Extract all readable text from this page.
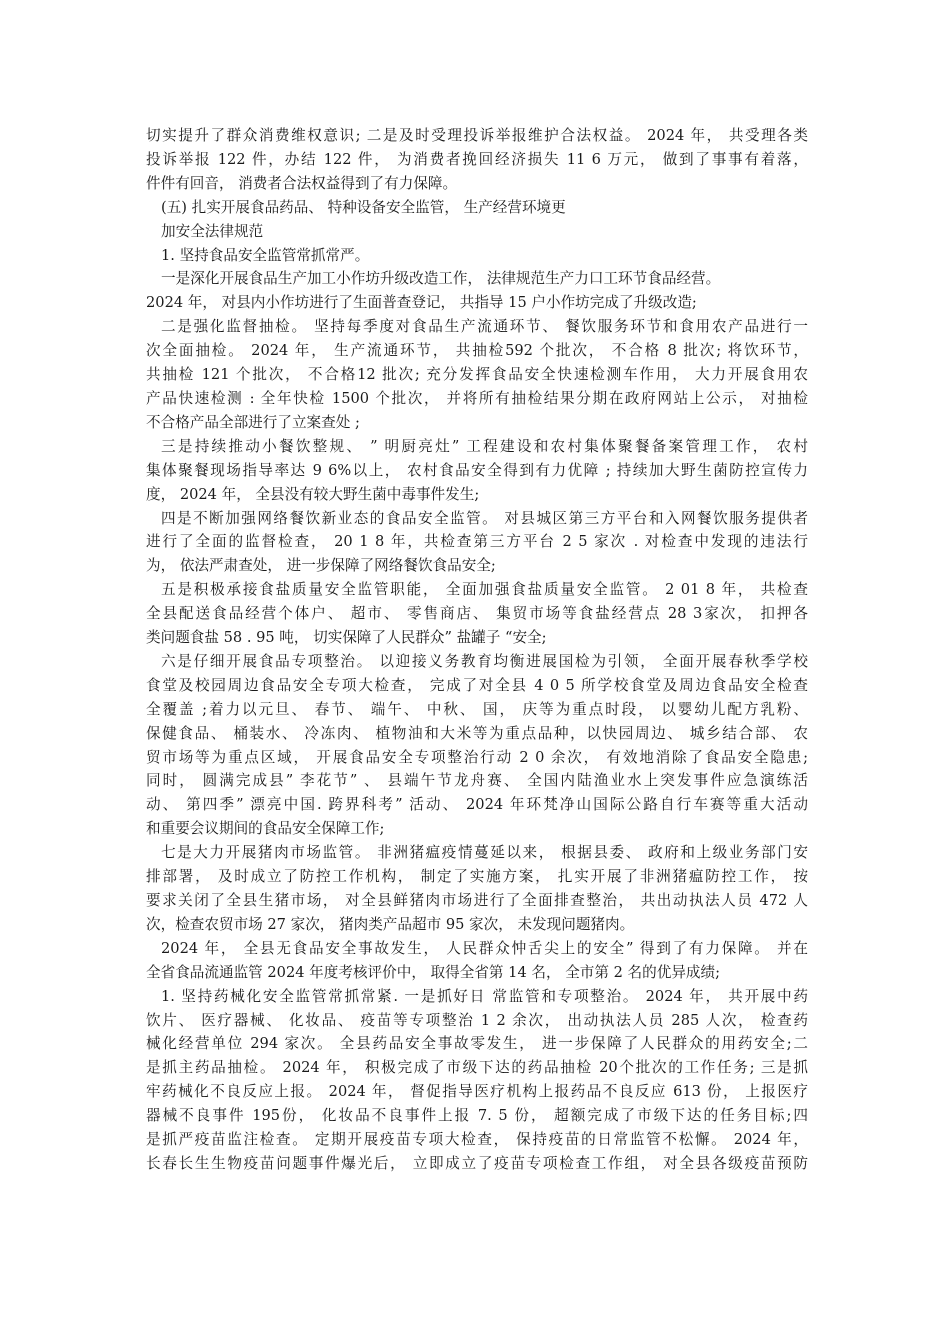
切实提升了群众消费维权意识; 二是及时受理投诉举报维护合法权益。 2024 年， 共受理各类
投诉举报 122 件，办结 122 件， 为消费者挽回经济损失 11 6 万元， 做到了事事有着落，
件件有回音， 消费者合法权益得到了有力保障。
(五) 扎实开展食品药品、 特种设备安全监管， 生产经营环境更
加安全法律规范
1. 坚持食品安全监管常抓常严。
一是深化开展食品生产加工小作坊升级改造工作， 法律规范生产力口工环节食品经营。
2024 年， 对县内小作坊进行了生面普查登记， 共指导 15 户小作坊完成了升级改造;
二是强化监督抽检。 坚持每季度对食品生产流通环节、 餐饮服务环节和食用农产品进行一
次全面抽检。 2024 年， 生产流通环节， 共抽检592 个批次， 不合格 8 批次; 将饮环节，
共抽检 121 个批次， 不合格12 批次; 充分发挥食品安全快速检测车作用， 大力开展食用农
产品快速检测 : 全年快检 1500 个批次， 并将所有抽检结果分期在政府网站上公示， 对抽检
不合格产品全部进行了立案查处 ;
三是持续推动小餐饮整规、 ” 明厨亮灶” 工程建设和农村集体聚餐备案管理工作， 农村
集体聚餐现场指导率达 9 6%以上， 农村食品安全得到有力优障 ; 持续加大野生菌防控宣传力
度， 2024 年， 全县没有较大野生菌中毒事件发生;
四是不断加强网络餐饮新业态的食品安全监管。 对县城区第三方平台和入网餐饮服务提供者
进行了全面的监督检查， 20 1 8 年，共检查第三方平台 2 5 家次 . 对检查中发现的违法行
为， 依法严肃查处， 进一步保障了网络餐饮食品安全;
五是积极承接食盐质量安全监管职能， 全面加强食盐质量安全监管。 2 01 8 年， 共检查
全县配送食品经营个体户、 超市、 零售商店、 集贸市场等食盐经营点 28 3家次， 扣押各
类问题食盐 58 . 95 吨， 切实保障了人民群众” 盐罐子 “安全;
六是仔细开展食品专项整治。 以迎接义务教育均衡进展国检为引领， 全面开展春秋季学校
食堂及校园周边食品安全专项大检查， 完成了对全县 4 0 5 所学校食堂及周边食品安全检查
全覆盖 ;着力以元旦、 春节、 端午、 中秋、 国， 庆等为重点时段， 以婴幼儿配方乳粉、
保健食品、 桶装水、 冷冻肉、 植物油和大米等为重点品种，以快园周边、 城乡结合部、 农
贸市场等为重点区域， 开展食品安全专项整治行动 2 0 余次， 有效地消除了食品安全隐患;
同时， 圆满完成县” 李花节” 、 县端午节龙舟赛、 全国内陆渔业水上突发事件应急演练活
动、 第四季” 漂亮中国. 跨界科考” 活动、 2024 年环梵净山国际公路自行车赛等重大活动
和重要会议期间的食品安全保障工作;
七是大力开展猪肉市场监管。 非洲猪瘟疫情蔓延以来， 根据县委、 政府和上级业务部门安
排部署， 及时成立了防控工作机构， 制定了实施方案， 扎实开展了非洲猪瘟防控工作， 按
要求关闭了全县生猪市场， 对全县鲜猪肉市场进行了全面排查整治， 共出动执法人员 472 人
次，检查农贸市场 27 家次， 猪肉类产品超市 95 家次， 未发现问题猪肉。
2024 年， 全县无食品安全事故发生， 人民群众忡舌尖上的安全” 得到了有力保障。 并在
全省食品流通监管 2024 年度考核评价中， 取得全省第 14 名， 全市第 2 名的优异成绩;
1. 坚持药械化安全监管常抓常紧. 一是抓好日 常监管和专项整治。 2024 年， 共开展中药
饮片、 医疗器械、 化妆品、 疫苗等专项整治 1 2 余次， 出动执法人员 285 人次， 检查药
械化经营单位 294 家次。 全县药品安全事故零发生， 进一步保障了人民群众的用药安全;二
是抓主药品抽检。 2024 年， 积极完成了市级下达的药品抽检 20个批次的工作任务; 三是抓
牢药械化不良反应上报。 2024 年， 督促指导医疗机构上报药品不良反应 613 份， 上报医疗
器械不良事件 195份， 化妆品不良事件上报 7. 5 份， 超额完成了市级下达的任务目标;四
是抓严疫苗监注检查。 定期开展疫苗专项大检查， 保持疫苗的日常监管不松懈。 2024 年，
长春长生生物疫苗问题事件爆光后， 立即成立了疫苗专项检查工作组， 对全县各级疫苗预防
